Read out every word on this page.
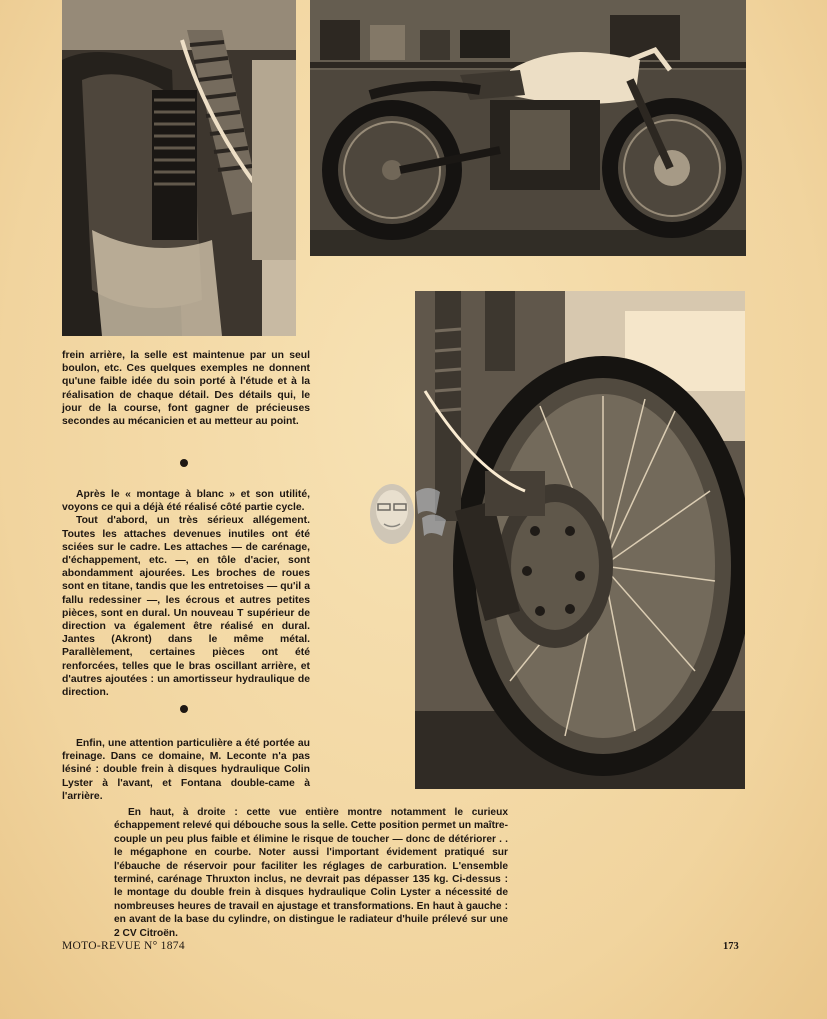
frein arrière, la selle est maintenue par un seul boulon, etc. Ces quelques exemples ne donnent qu'une faible idée du soin porté à l'étude et à la réalisation de chaque détail. Des détails qui, le jour de la course, font gagner de précieuses secondes au mécanicien et au metteur au point.

Après le « montage à blanc » et son utilité, voyons ce qui a déjà été réalisé côté partie cycle.
Tout d'abord, un très sérieux allégement. Toutes les attaches devenues inutiles ont été sciées sur le cadre. Les attaches — de carénage, d'échappement, etc. —, en tôle d'acier, sont abondamment ajourées. Les broches de roues sont en titane, tandis que les entretoises — qu'il a fallu redessiner —, les écrous et autres petites pièces, sont en dural. Un nouveau T supérieur de direction va également être réalisé en dural. Jantes (Akront) dans le même métal. Parallèlement, certaines pièces ont été renforcées, telles que le bras oscillant arrière, et d'autres ajoutées : un amortisseur hydraulique de direction.

Enfin, une attention particulière a été portée au freinage. Dans ce domaine, M. Leconte n'a pas lésiné : double frein à disques hydraulique Colin Lyster à l'avant, et Fontana double-came à l'arrière.

En haut, à droite : cette vue entière montre notamment le curieux échappement relevé qui débouche sous la selle. Cette position permet un maître-couple un peu plus faible et élimine le risque de toucher — donc de détériorer . . le mégaphone en courbe. Noter aussi l'important évidement pratiqué sur l'ébauche de réservoir pour faciliter les réglages de carburation. L'ensemble terminé, carénage Thruxton inclus, ne devrait pas dépasser 135 kg. Ci-dessus : le montage du double frein à disques hydraulique Colin Lyster a nécessité de nombreuses heures de travail en ajustage et transformations. En haut à gauche : en avant de la base du cylindre, on distingue le radiateur d'huile prélevé sur une 2 CV Citroën.

MOTO-REVUE N° 1874	173
